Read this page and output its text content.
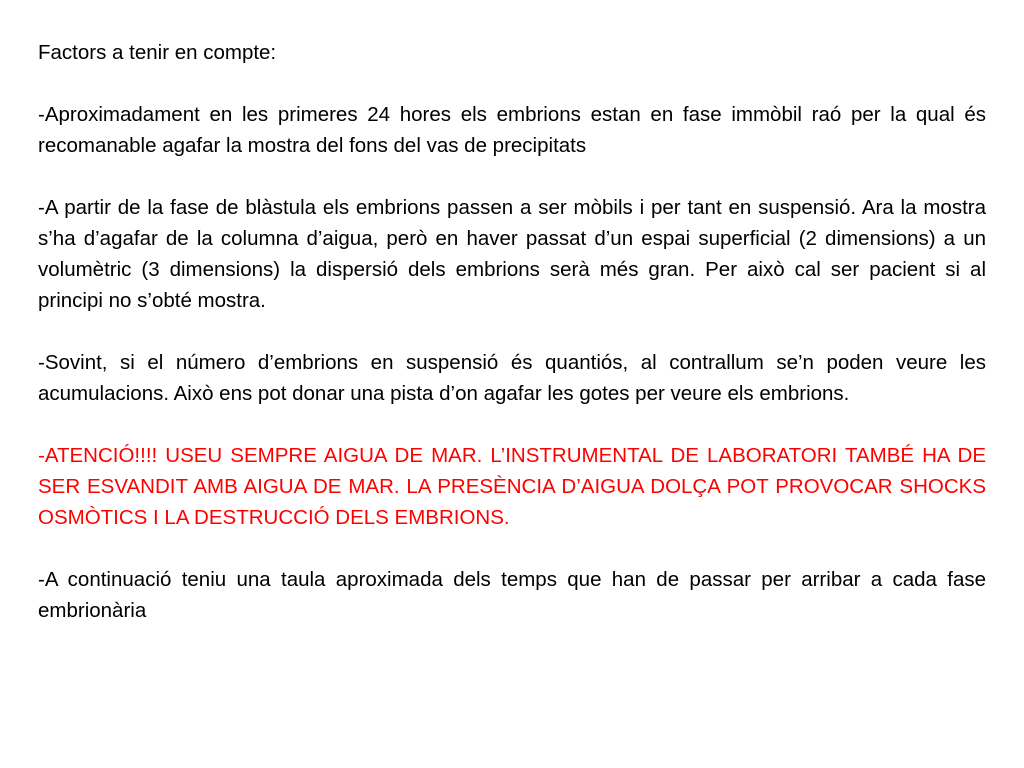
Factors a tenir en compte:

-Aproximadament en les primeres 24 hores els embrions estan en fase immòbil raó per la qual és recomanable agafar la mostra del fons del vas de precipitats

-A partir de la fase de blàstula els embrions passen a ser mòbils i per tant en suspensió. Ara la mostra s’ha d’agafar de la columna d’aigua, però en haver passat d’un espai superficial (2 dimensions) a un volumètric (3 dimensions) la dispersió dels embrions serà més gran. Per això cal ser pacient si al principi no s’obté mostra.

-Sovint, si el número d’embrions en suspensió és quantiós, al contrallum se’n poden veure les acumulacions. Això ens pot donar una pista d’on agafar les gotes per veure els embrions.

-ATENCIÓ!!!! USEU SEMPRE AIGUA DE MAR. L’INSTRUMENTAL DE LABORATORI TAMBÉ HA DE SER ESVANDIT AMB AIGUA DE MAR. LA PRESÈNCIA D’AIGUA DOLÇA POT PROVOCAR SHOCKS OSMÒTICS I LA DESTRUCCIÓ DELS EMBRIONS.

-A continuació teniu una taula aproximada dels temps que han de passar per arribar a cada fase embrionària
